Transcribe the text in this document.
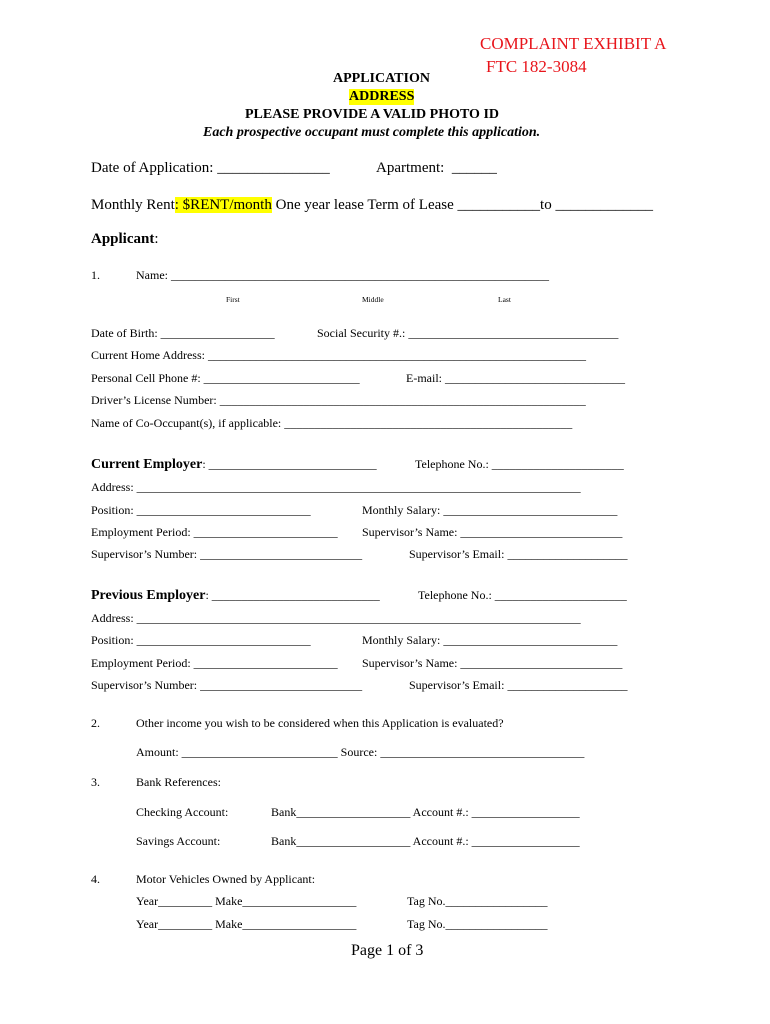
COMPLAINT EXHIBIT A
FTC 182-3084
APPLICATION
ADDRESS
PLEASE PROVIDE A VALID PHOTO ID
Each prospective occupant must complete this application.
Date of Application: _______________	Apartment:  ______
Monthly Rent: $RENT/month One year lease Term of Lease ___________to _____________
Applicant:
1.	Name: _______________________________________________________________
First	Middle	Last
Date of Birth: ___________________	Social Security #.: ___________________________________
Current Home Address: _______________________________________________________________
Personal Cell Phone #: __________________________	E-mail: ______________________________
Driver’s License Number: _____________________________________________________________
Name of Co-Occupant(s), if applicable: ________________________________________________
Current Employer: ____________________________	Telephone No.: ______________________
Address: __________________________________________________________________________
Position: _____________________________	Monthly Salary: _____________________________
Employment Period: ________________________ Supervisor’s Name: ___________________________
Supervisor’s Number: ___________________________	Supervisor’s Email: ____________________
Previous Employer: ____________________________	Telephone No.: ______________________
Address: __________________________________________________________________________
Position: _____________________________	Monthly Salary: _____________________________
Employment Period: ________________________ Supervisor’s Name: ___________________________
Supervisor’s Number: ___________________________	Supervisor’s Email: ____________________
2.	Other income you wish to be considered when this Application is evaluated?
Amount: __________________________ Source: __________________________________
3.	Bank References:
Checking Account:	Bank___________________ Account #.: __________________
Savings Account:	Bank___________________ Account #.: __________________
4.	Motor Vehicles Owned by Applicant:
Year_________ Make___________________	Tag No._________________
Year_________ Make___________________	Tag No._________________
Page 1 of 3
